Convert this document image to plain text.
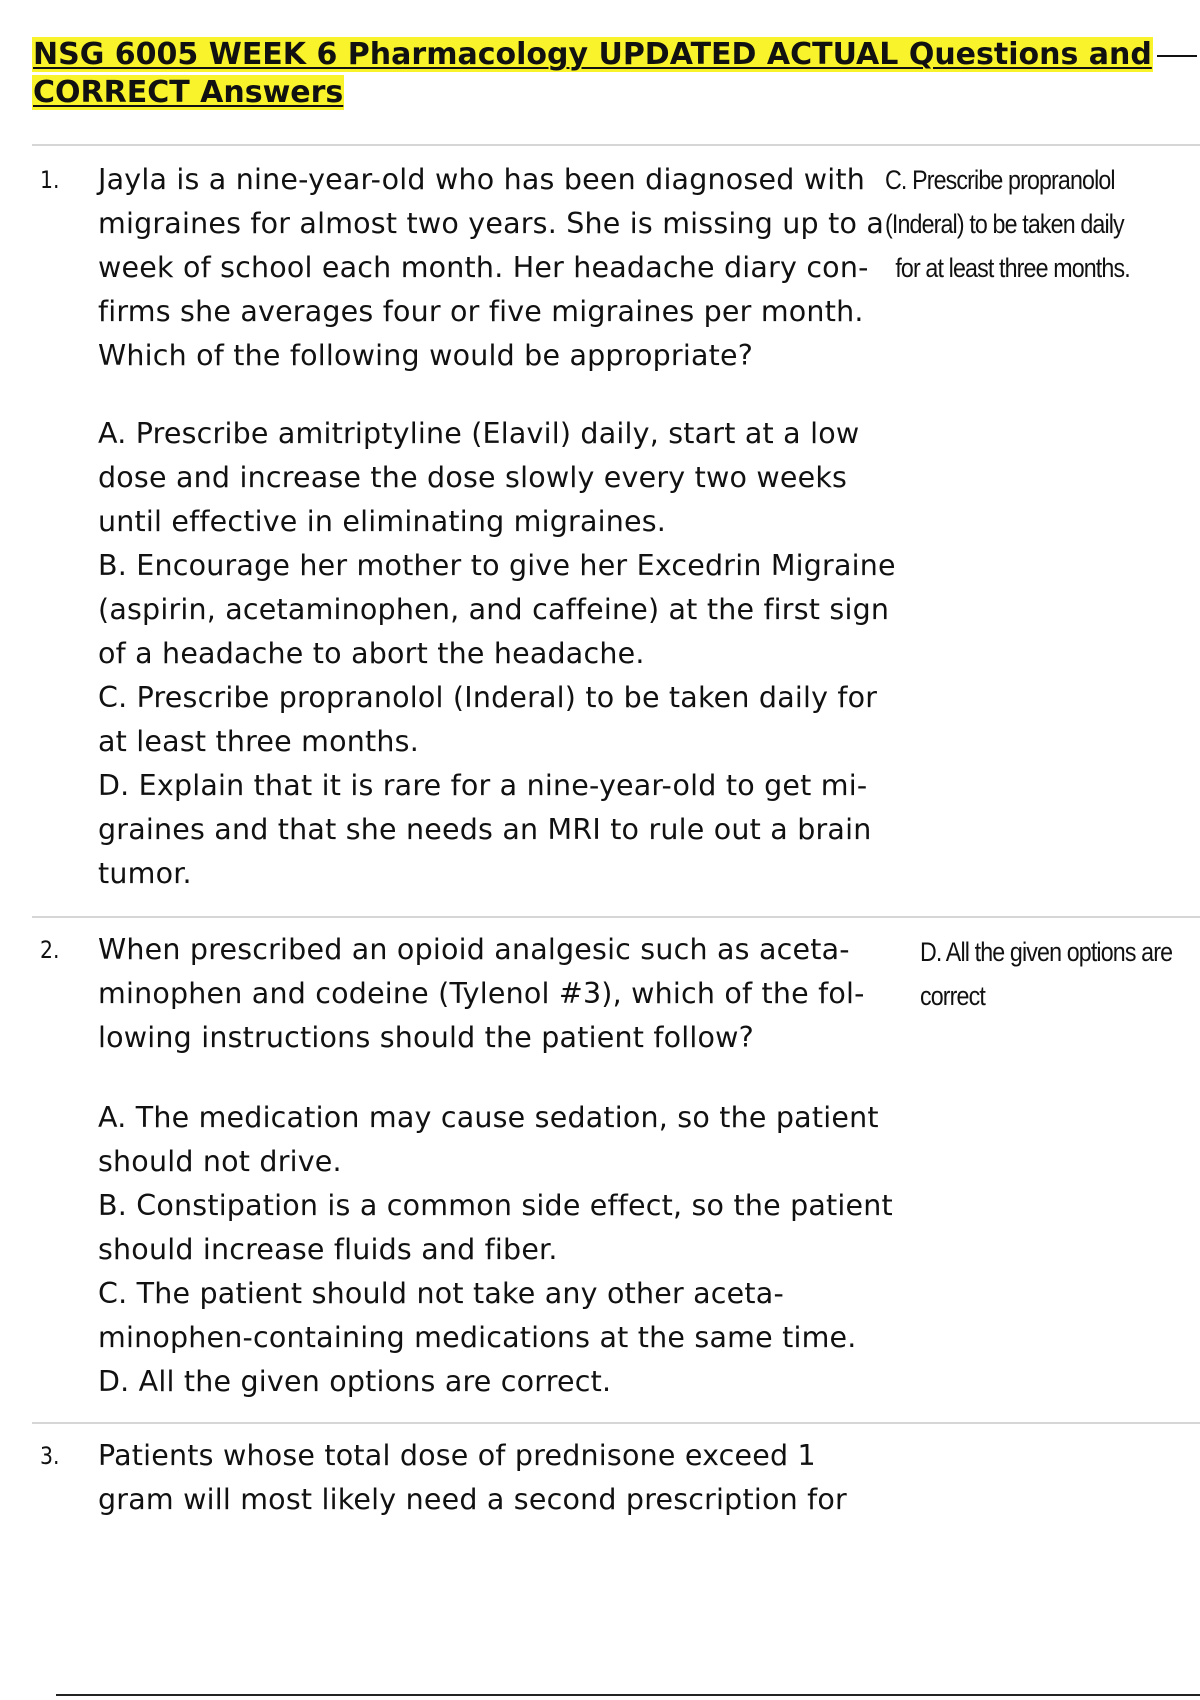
NSG 6005 WEEK 6 Pharmacology UPDATED ACTUAL Questions and
CORRECT Answers
1. Jayla is a nine-year-old who has been diagnosed with
migraines for almost two years. She is missing up to a
week of school each month. Her headache diary con-
firms she averages four or five migraines per month.
Which of the following would be appropriate?
A. Prescribe amitriptyline (Elavil) daily, start at a low
dose and increase the dose slowly every two weeks
until effective in eliminating migraines.
B. Encourage her mother to give her Excedrin Migraine
(aspirin, acetaminophen, and caffeine) at the first sign
of a headache to abort the headache.
C. Prescribe propranolol (Inderal) to be taken daily for
at least three months.
D. Explain that it is rare for a nine-year-old to get mi-
graines and that she needs an MRI to rule out a brain
tumor.
C. Prescribe propranolol
(Inderal) to be taken daily
for at least three months.
2. When prescribed an opioid analgesic such as aceta-
minophen and codeine (Tylenol #3), which of the fol-
lowing instructions should the patient follow?
A. The medication may cause sedation, so the patient
should not drive.
B. Constipation is a common side effect, so the patient
should increase fluids and fiber.
C. The patient should not take any other aceta-
minophen-containing medications at the same time.
D. All the given options are correct.
D. All the given options are
correct
3. Patients whose total dose of prednisone exceed 1
gram will most likely need a second prescription for
